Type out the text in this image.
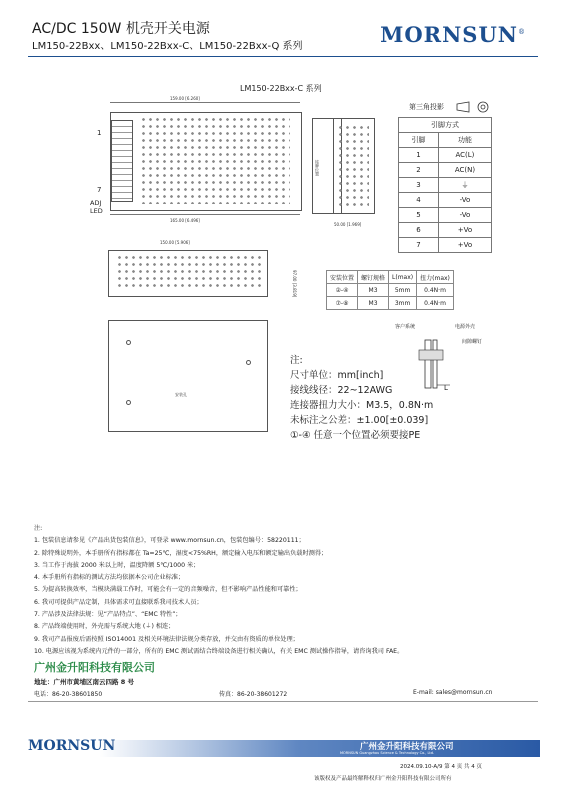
AC/DC 150W 机壳开关电源
LM150-22Bxx、LM150-22Bxx-C、LM150-22Bxx-Q 系列	MORNSUN®
LM150-22Bxx-C 系列
159.00 [6.260]
165.00 [6.496]
1
7
ADJ
LED
50.00 [1.969]
铭牌位置
150.00 [5.906]
安装孔
97.00 [3.819]
第三角投影
引脚方式	
引脚	功能
1	AC(L)
2	AC(N)
3	⏚
4	-Vo
5	-Vo
6	+Vo
7	+Vo
安装位置	螺钉规格	L(max)	扭力(max)
②-④	M3	5mm	0.4N·m
⑦-⑧	M3	3mm	0.4N·m
客户系统	电源外壳
间隙螺钉
L
注:
尺寸单位：mm[inch]
接线线径：22~12AWG
连接器扭力大小：M3.5，0.8N·m
未标注之公差：±1.00[±0.039]
①-④ 任意一个位置必须要接PE
注:
1. 包装信息请参见《产品出货包装信息》，可登录 www.mornsun.cn，包装包编号：58220111；
2. 除特殊说明外，本手册所有指标都在 Ta=25℃，湿度<75%RH，额定输入电压和额定输出负载时测得；
3. 当工作于海拔 2000 米以上时，温度降额 5℃/1000 米；
4. 本手册所有指标的测试方法均依据本公司企业标准；
5. 为提高转换效率，当模块满载工作时，可能会有一定的音频噪音，但不影响产品性能和可靠性；
6. 我司可提供产品定制，具体需求可直接联系我司技术人员；
7. 产品涉及法律法规：见“产品特点”、“EMC 特性”；
8. 产品终端使用时，外壳需与系统大地 (⏚) 相连；
9. 我司产品报废后需按照 ISO14001 及相关环境法律法规分类存放，并交由有资质的单位处理；
10. 电源应该视为系统内元件的一部分，所有的 EMC 测试需结合终端设备进行相关确认，有关 EMC 测试操作指导，请咨询我司 FAE。
广州金升阳科技有限公司
地址：广州市黄埔区南云四路 8 号
电话：86-20-38601850	传真：86-20-38601272	E-mail: sales@mornsun.cn
MORNSUN	广州金升阳科技有限公司
MORNSUN Guangzhou Science & Technology Co., Ltd.
2024.09.10-A/9 第 4 页 共 4 页
该版权及产品最终解释权归广州金升阳科技有限公司所有
